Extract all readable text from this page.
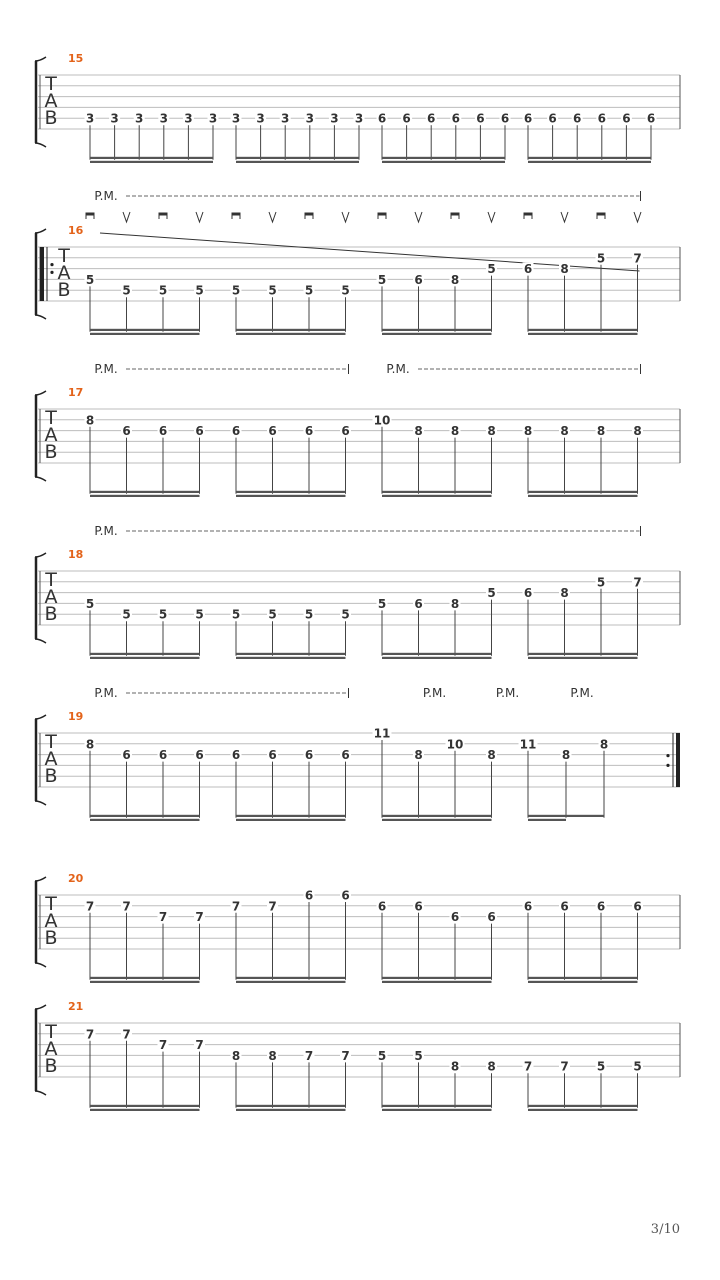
T
A
B
15
3 3 3 3 3 3 3 3 3 3 3 3 6 6 6 6 6 6 6 6 6 6 6 6
T
A
B
16
5
5 5 5 5 5 5 5
5 6 8
5 6 8
5 7
P.M.
T
A
B
17
8
6 6 6 6 6 6 6
10
8 8 8 8 8 8 8
P.M.	P.M.
T
A
B
18
5
5 5 5 5 5 5 5
5 6 8
5 6 8
5 7
P.M.
T
A
B
19
8
6 6 6 6 6 6 6
11
8
10
8
11
8
8
P.M.	P.M.	P.M.	P.M.
T
A
B
20
7 7
7 7
7 7
6 6
6 6
6 6
6 6 6 6
T
A
B
21
7 7
7 7
8 8 7 7 5 5
8 8 7 7 5 5
3/10
